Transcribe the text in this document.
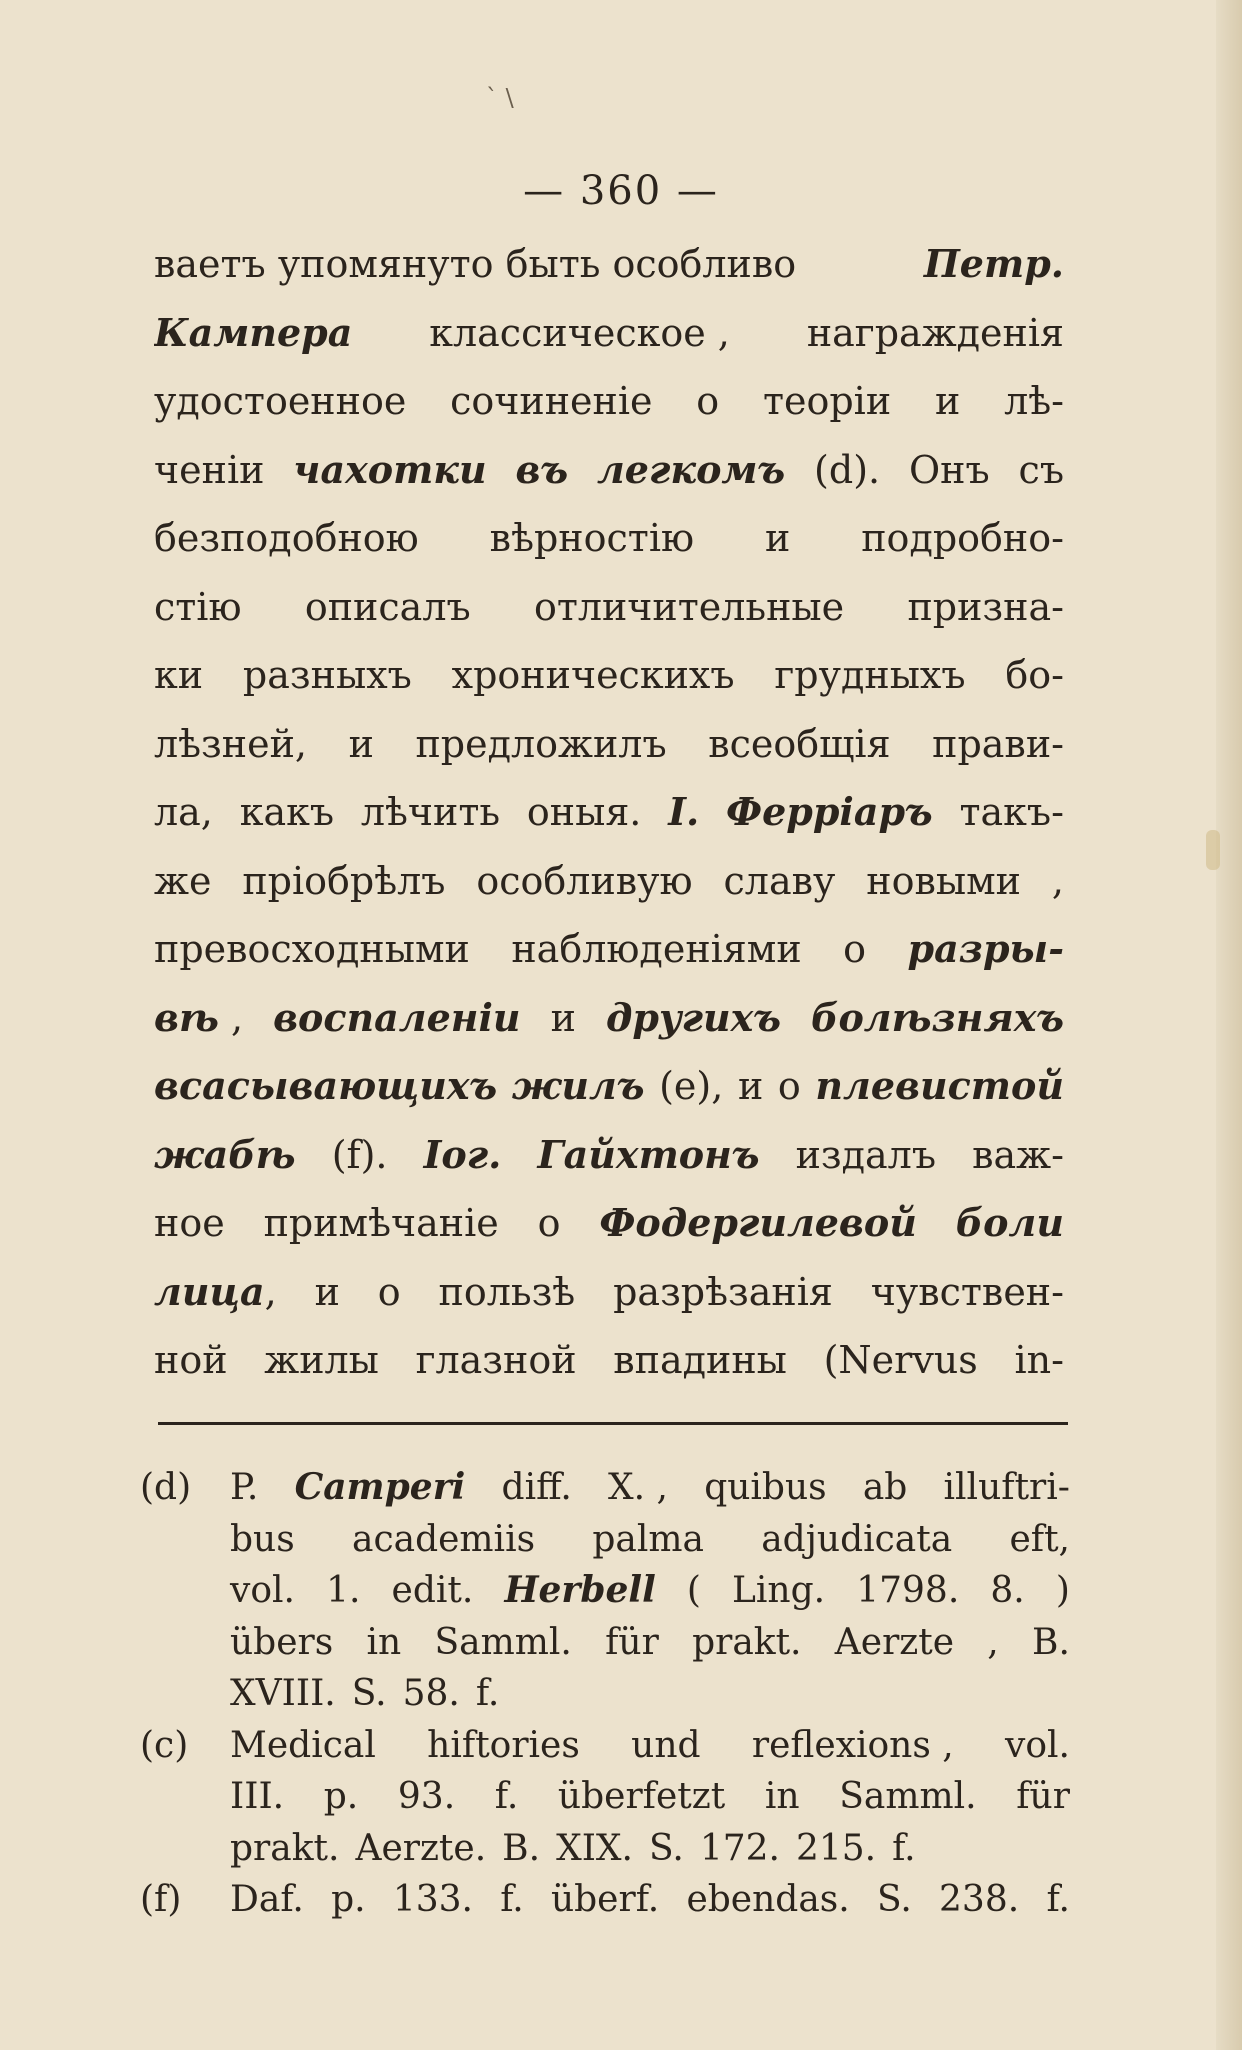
ˋ \
— 360 —
ваетъ упомянуто быть особливо	Петр.
Кампера классическое , награжденія
удостоенное сочиненіе о теоріи и лѣ-
ченіи чахотки въ легкомъ (d). Онъ съ
безподобною вѣрностію и подробно-
стію описалъ отличительные призна-
ки разныхъ хроническихъ грудныхъ бо-
лѣзней, и предложилъ всеобщія прави-
ла, какъ лѣчить оныя. I. Ферріаръ такъ-
же пріобрѣлъ особливую славу новыми ,
превосходными наблюденіями о разры-
вѣ , воспаленіи и другихъ болѣзняхъ
всасывающихъ жилъ (e), и о плевистой
жабѣ (f). Іог. Гайхтонъ издалъ важ-
ное примѣчаніе о Фодергилевой боли
лица, и о пользѣ разрѣзанія чувствен-
ной жилы глазной впадины (Nervus in-
(d)	P. Camperi diff. X. , quibus ab illuftri-
bus academiis palma adjudicata eft,
vol. 1. edit. Herbell ( Ling. 1798. 8. )
übers in Samml. für prakt. Aerzte , B.
XVIII. S. 58. f.
(c)	Medical hiftories und reflexions , vol.
III. p. 93. f. überfetzt in Samml. für
prakt. Aerzte. B. XIX. S. 172. 215. f.
(f)	Daf. p. 133. f. überf. ebendas. S. 238. f.
